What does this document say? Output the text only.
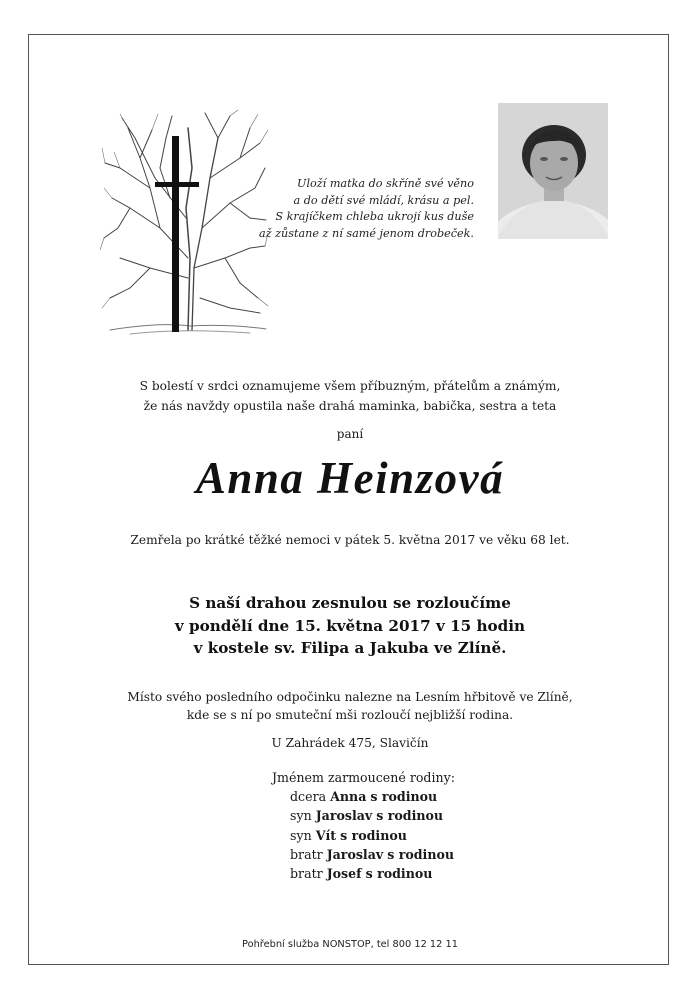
Uloží matka do skříně své věno
a do dětí své mládí, krásu a pel.
S krajíčkem chleba ukrojí kus duše
až zůstane z ní samé jenom drobeček.
S bolestí v srdci oznamujeme všem příbuzným, přátelům a známým,
že nás navždy opustila naše drahá maminka, babička, sestra a teta
paní
Anna Heinzová
Zemřela po krátké těžké nemoci v pátek 5. května 2017 ve věku 68 let.
S naší drahou zesnulou se rozloučíme
v pondělí dne 15. května 2017 v 15 hodin
v kostele sv. Filipa a Jakuba ve Zlíně.
Místo svého posledního odpočinku nalezne na Lesním hřbitově ve Zlíně,
kde se s ní po smuteční mši rozloučí nejbližší rodina.
U Zahrádek 475, Slavičín
Jménem zarmoucené rodiny:
dcera Anna s rodinou
syn Jaroslav s rodinou
syn Vít s rodinou
bratr Jaroslav s rodinou
bratr Josef s rodinou
Pohřební služba NONSTOP, tel 800 12 12 11
